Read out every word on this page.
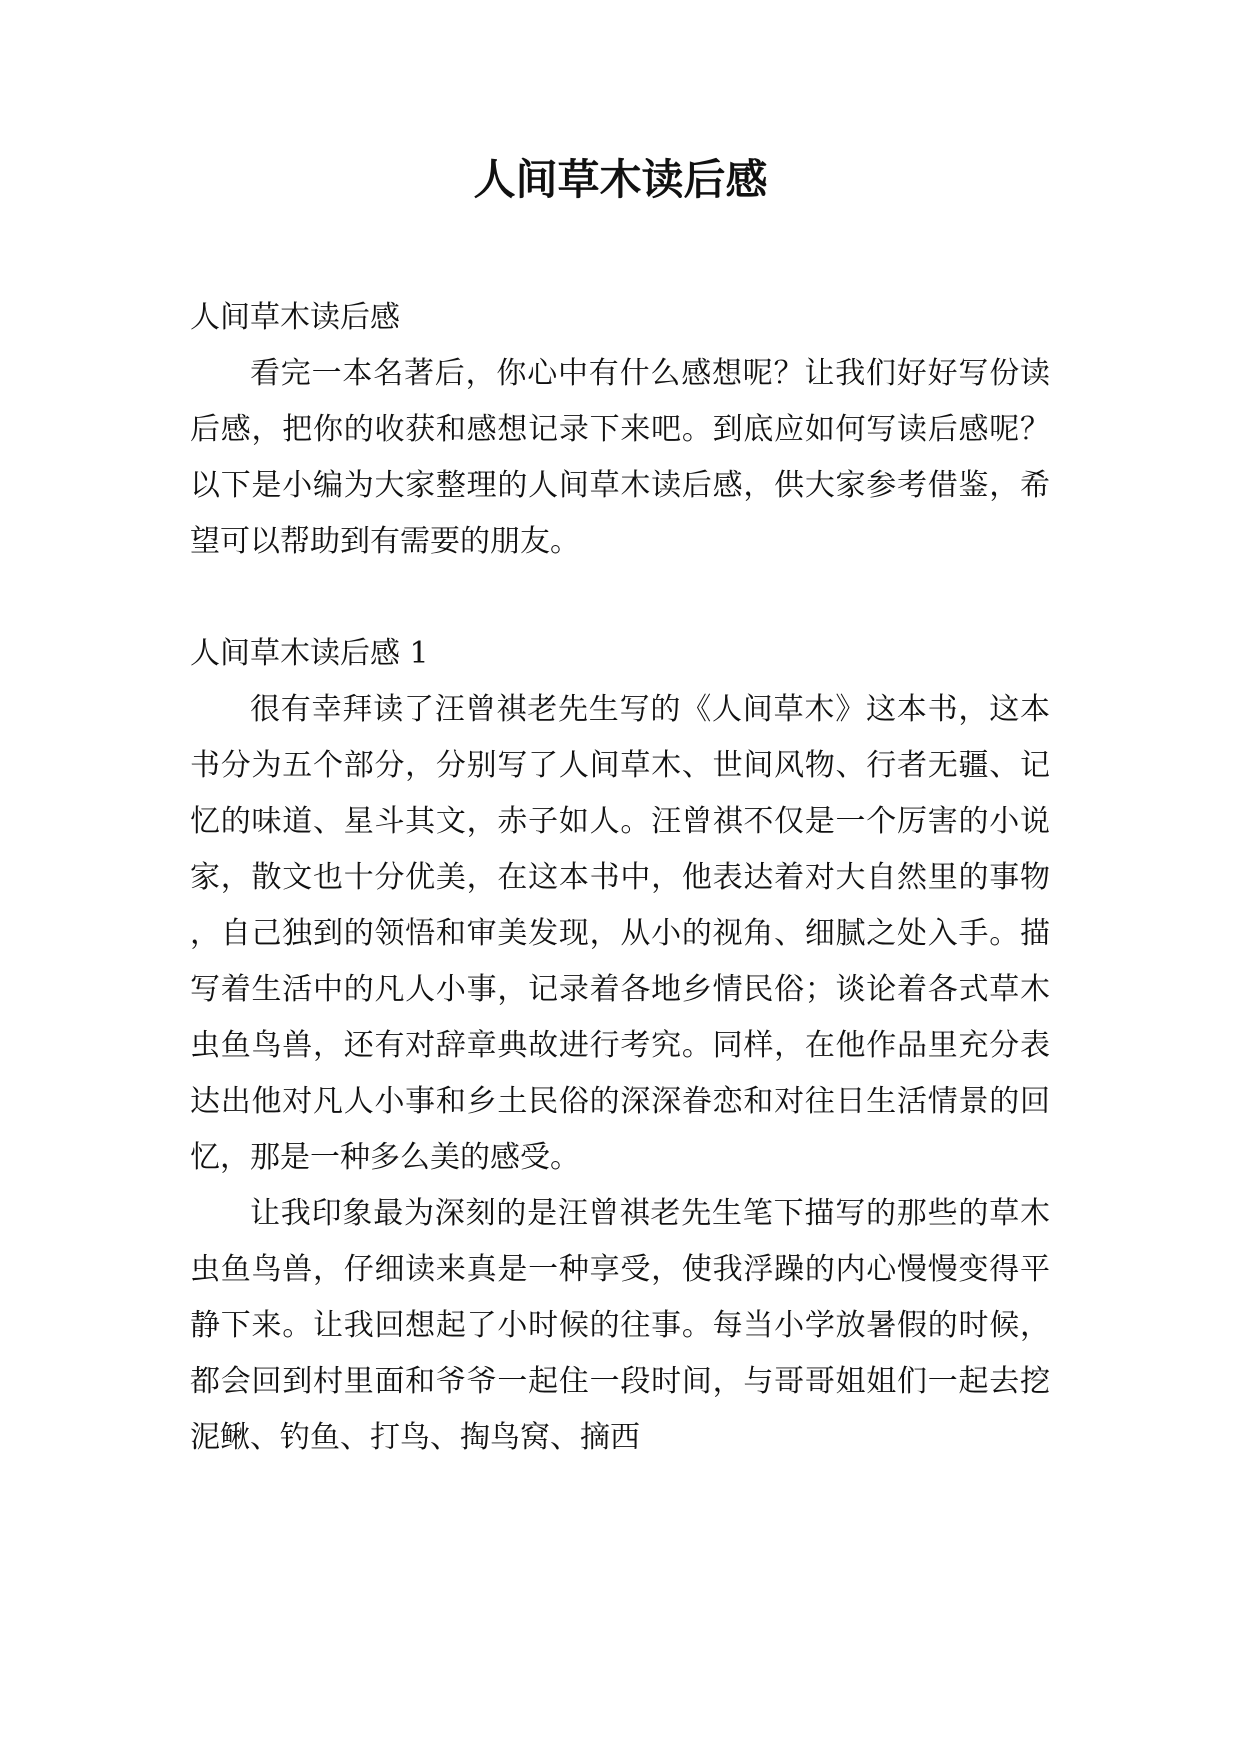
人间草木读后感

人间草木读后感

看完一本名著后，你心中有什么感想呢？让我们好好写份读后感，把你的收获和感想记录下来吧。到底应如何写读后感呢？以下是小编为大家整理的人间草木读后感，供大家参考借鉴，希望可以帮助到有需要的朋友。

人间草木读后感 1

很有幸拜读了汪曾祺老先生写的《人间草木》这本书，这本书分为五个部分，分别写了人间草木、世间风物、行者无疆、记忆的味道、星斗其文，赤子如人。汪曾祺不仅是一个厉害的小说家，散文也十分优美，在这本书中，他表达着对大自然里的事物，自己独到的领悟和审美发现，从小的视角、细腻之处入手。描写着生活中的凡人小事，记录着各地乡情民俗；谈论着各式草木虫鱼鸟兽，还有对辞章典故进行考究。同样，在他作品里充分表达出他对凡人小事和乡土民俗的深深眷恋和对往日生活情景的回忆，那是一种多么美的感受。

让我印象最为深刻的是汪曾祺老先生笔下描写的那些的草木虫鱼鸟兽，仔细读来真是一种享受，使我浮躁的内心慢慢变得平静下来。让我回想起了小时候的往事。每当小学放暑假的时候，都会回到村里面和爷爷一起住一段时间，与哥哥姐姐们一起去挖泥鳅、钓鱼、打鸟、掏鸟窝、摘西
